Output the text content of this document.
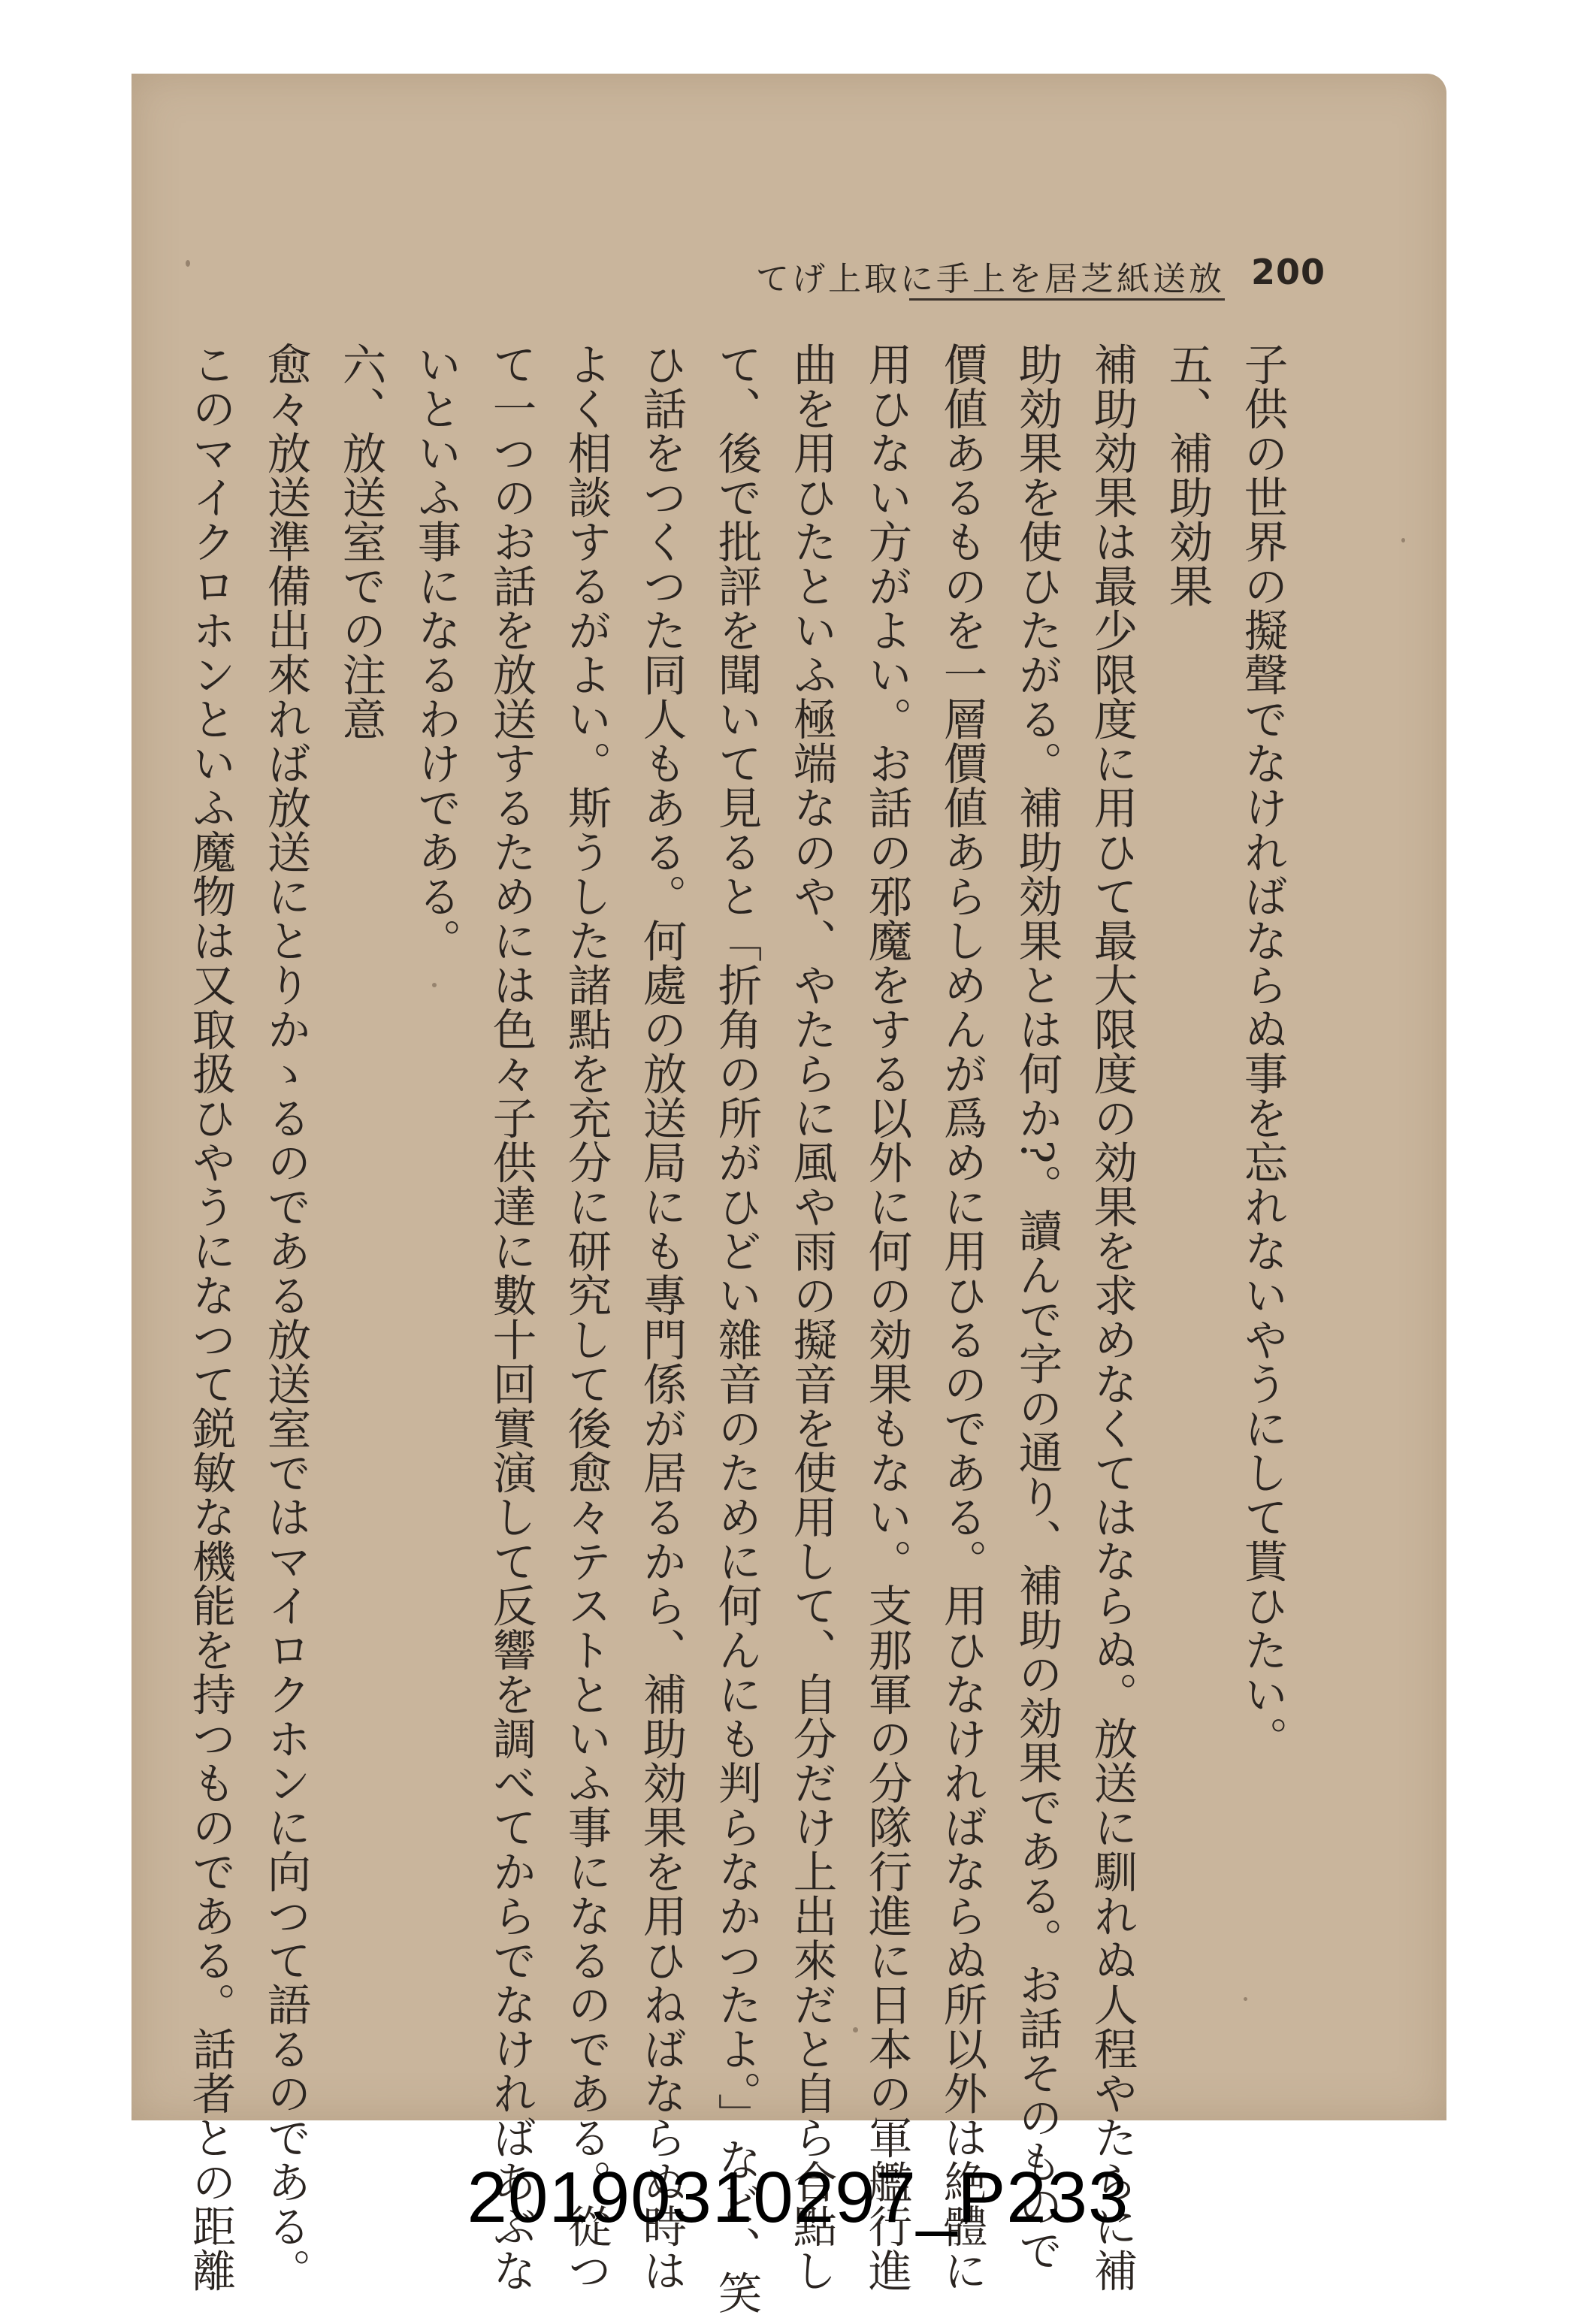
放送紙芝居を上手に取上げて 200

子供の世界の擬聲でなければならぬ事を忘れないやうにして貰ひたい。

五、補助効果

補助効果は最少限度に用ひて最大限度の効果を求めなくてはならぬ。放送に馴れぬ人程やたらに補

助効果を使ひたがる。補助効果とは何か?。讀んで字の通り、補助の効果である。お話そのもので

價値あるものを一層價値あらしめんが爲めに用ひるのである。用ひなければならぬ所以外は絶體に

用ひない方がよい。お話の邪魔をする以外に何の効果もない。支那軍の分隊行進に日本の軍艦行進

曲を用ひたといふ極端なのや、やたらに風や雨の擬音を使用して、自分だけ上出來だと自ら合點し

て、後で批評を聞いて見ると「折角の所がひどい雜音のために何んにも判らなかつたよ。」など、笑

ひ話をつくつた同人もある。何處の放送局にも專門係が居るから、補助効果を用ひねばならぬ時は

よく相談するがよい。斯うした諸點を充分に研究して後愈々テストといふ事になるのである。從つ

て一つのお話を放送するためには色々子供達に數十回實演して反響を調べてからでなければあぶな

いといふ事になるわけである。

六、放送室での注意

愈々放送準備出來れば放送にとりかゝるのである放送室ではマイロクホンに向つて語るのである。

このマイクロホンといふ魔物は又取扱ひやうになつて鋭敏な機能を持つものである。話者との距離	20190310297_P233
